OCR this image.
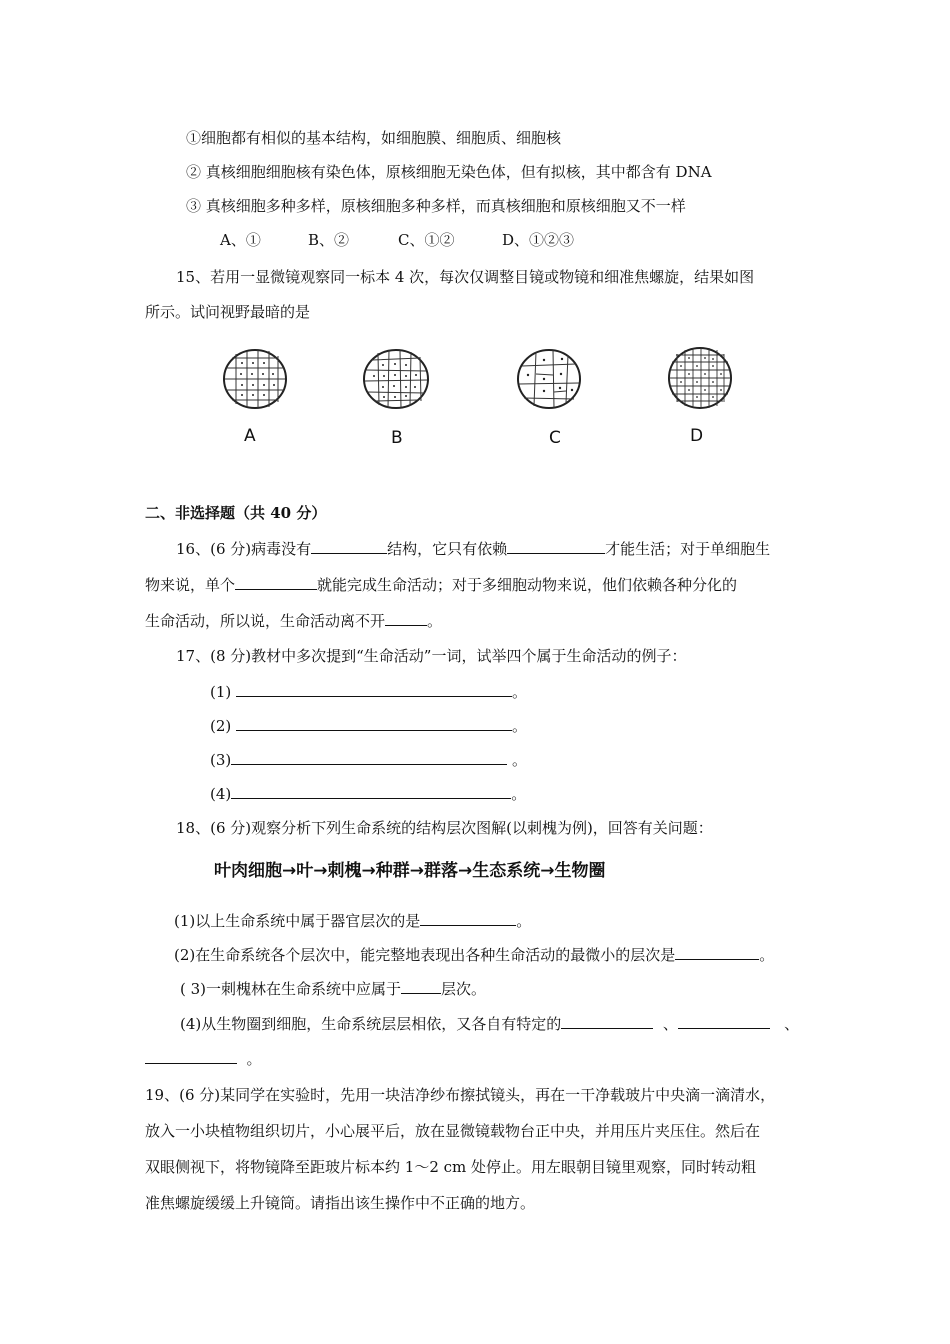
①细胞都有相似的基本结构，如细胞膜、细胞质、细胞核
② 真核细胞细胞核有染色体，原核细胞无染色体，但有拟核，其中都含有 DNA
③ 真核细胞多种多样，原核细胞多种多样，而真核细胞和原核细胞又不一样
A、①	B、②	C、①②	D、①②③
15、若用一显微镜观察同一标本 4 次，每次仅调整目镜或物镜和细准焦螺旋，结果如图
所示。试问视野最暗的是
A	B	C	D
二、非选择题（共 40 分）
16、(6 分)病毒没有	结构，它只有依赖	才能生活；对于单细胞生
物来说，单个	就能完成生命活动；对于多细胞动物来说，他们依赖各种分化的
生命活动，所以说，生命活动离不开	。
17、(8 分)教材中多次提到“生命活动”一词，试举四个属于生命活动的例子：
(1)	。
(2)	。
(3)	。
(4)	。
18、(6 分)观察分析下列生命系统的结构层次图解(以刺槐为例)，回答有关问题：
叶肉细胞→叶→刺槐→种群→群落→生态系统→生物圈
(1)以上生命系统中属于器官层次的是	。
(2)在生命系统各个层次中，能完整地表现出各种生命活动的最微小的层次是	。
( 3)一刺槐林在生命系统中应属于	层次。
(4)从生物圈到细胞，生命系统层层相依，又各自有特定的	、	、
。
19、(6 分)某同学在实验时，先用一块洁净纱布擦拭镜头，再在一干净载玻片中央滴一滴清水，
放入一小块植物组织切片，小心展平后，放在显微镜载物台正中央，并用压片夹压住。然后在
双眼侧视下，将物镜降至距玻片标本约 1～2 cm 处停止。用左眼朝目镜里观察，同时转动粗
准焦螺旋缓缓上升镜筒。请指出该生操作中不正确的地方。
